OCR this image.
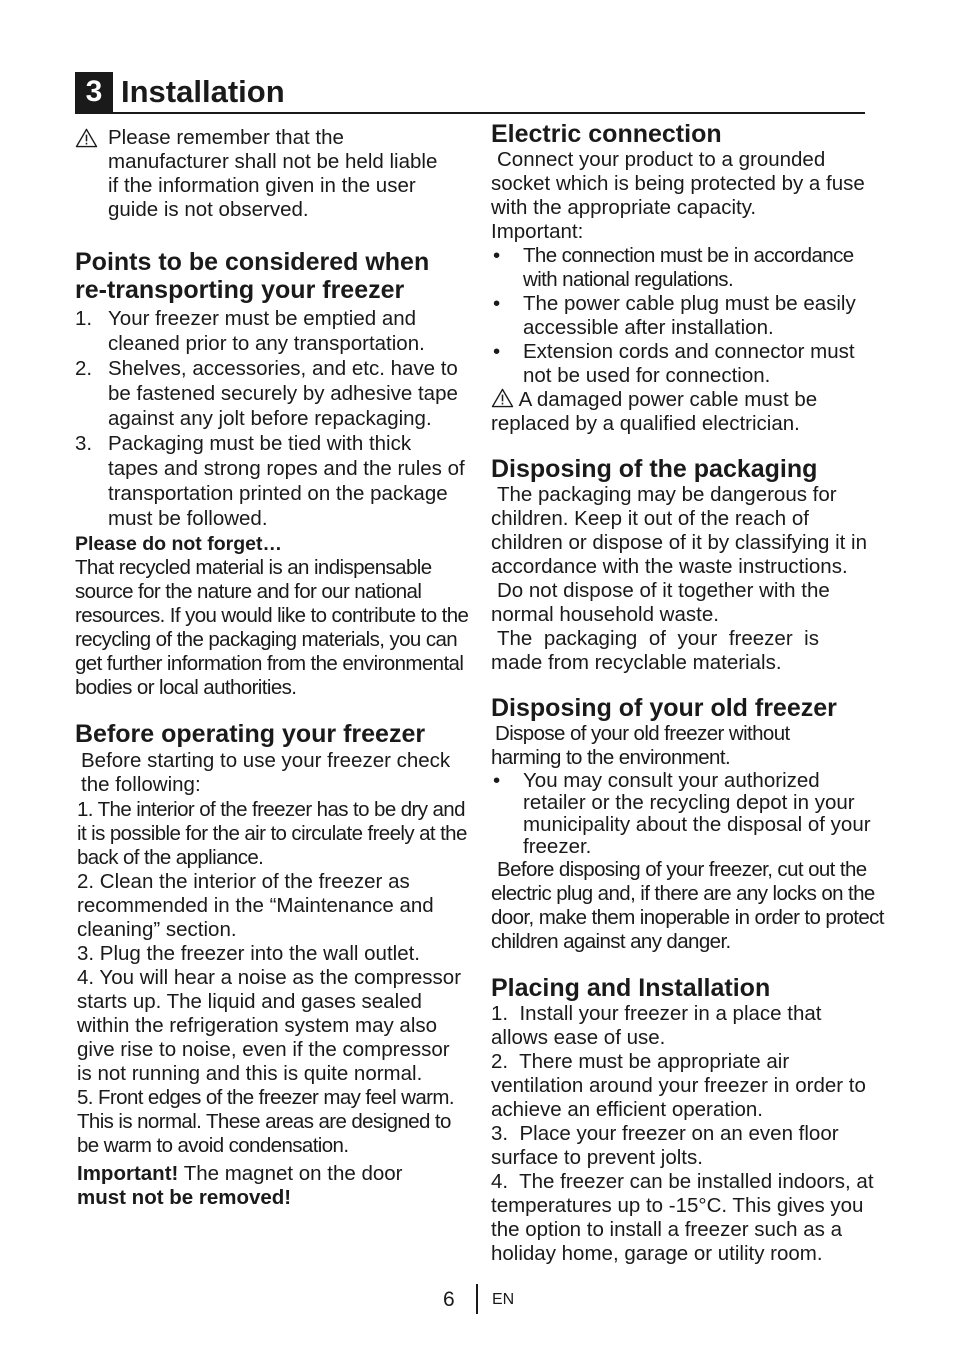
3 Installation

Please remember that the manufacturer shall not be held liable if the information given in the user guide is not observed.

Points to be considered when re-transporting your freezer
1. Your freezer must be emptied and cleaned prior to any transportation.
2. Shelves, accessories, and etc. have to be fastened securely by adhesive tape against any jolt before repackaging.
3. Packaging must be tied with thick tapes and strong ropes and the rules of transportation printed on the package must be followed.
Please do not forget…

That recycled material is an indispensable source for the nature and for our national resources. If you would like to contribute to the recycling of the packaging materials, you can get further information from the environmental bodies or local authorities.

Before operating your freezer

Before starting to use your freezer check the following:

1. The interior of the freezer has to be dry and it is possible for the air to circulate freely at the back of the appliance.

2. Clean the interior of the freezer as recommended in the “Maintenance and cleaning” section.

3. Plug the freezer into the wall outlet.

4. You will hear a noise as the compressor starts up. The liquid and gases sealed within the refrigeration system may also give rise to noise, even if the compressor is not running and this is quite normal.

5. Front edges of the freezer may feel warm. This is normal. These areas are designed to be warm to avoid condensation.

Important! The magnet on the door
must not be removed!

Electric connection

Connect your product to a grounded socket which is being protected by a fuse with the appropriate capacity.

Important:

• The connection must be in accordance with national regulations.
• The power cable plug must be easily accessible after installation.
• Extension cords and connector must not be used for connection.

A damaged power cable must be replaced by a qualified electrician.

Disposing of the packaging

The packaging may be dangerous for children. Keep it out of the reach of children or dispose of it by classifying it in accordance with the waste instructions.

Do not dispose of it together with the normal household waste.

The packaging of your freezer is made from recyclable materials.

Disposing of your old freezer

Dispose of your old freezer without harming to the environment.

• You may consult your authorized retailer or the recycling depot in your municipality about the disposal of your freezer.

Before disposing of your freezer, cut out the electric plug and, if there are any locks on the door, make them inoperable in order to protect children against any danger.

Placing and Installation

1.  Install your freezer in a place that allows ease of use.

2.  There must be appropriate air ventilation around your freezer in order to achieve an efficient operation.

3.  Place your freezer on an even floor surface to prevent jolts.

4.  The freezer can be installed indoors, at temperatures up to -15°C. This gives you the option to install a freezer such as a holiday home, garage or utility room.

6 EN
